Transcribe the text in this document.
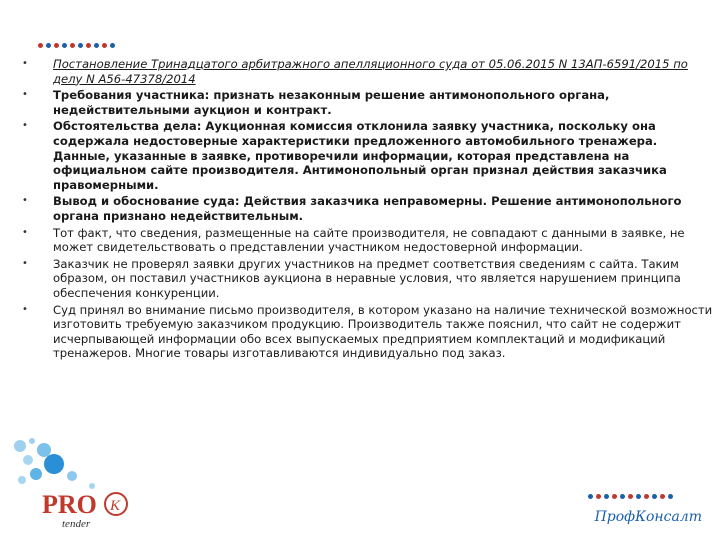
• Постановление Тринадцатого арбитражного апелляционного суда от 05.06.2015 N 13АП-6591/2015 по делу N А56-47378/2014
• Требования участника: признать незаконным решение антимонопольного органа, недействительными аукцион и контракт.
• Обстоятельства дела: Аукционная комиссия отклонила заявку участника, поскольку она содержала недостоверные характеристики предложенного автомобильного тренажера. Данные, указанные в заявке, противоречили информации, которая представлена на официальном сайте производителя. Антимонопольный орган признал действия заказчика правомерными.
• Вывод и обоснование суда: Действия заказчика неправомерны. Решение антимонопольного органа признано недействительным.
• Тот факт, что сведения, размещенные на сайте производителя, не совпадают с данными в заявке, не может свидетельствовать о представлении участником недостоверной информации.
• Заказчик не проверял заявки других участников на предмет соответствия сведениям с сайта. Таким образом, он поставил участников аукциона в неравные условия, что является нарушением принципа обеспечения конкуренции.
• Суд принял во внимание письмо производителя, в котором указано на наличие технической возможности изготовить требуемую заказчиком продукцию. Производитель также пояснил, что сайт не содержит исчерпывающей информации обо всех выпускаемых предприятием комплектаций и модификаций тренажеров. Многие товары изготавливаются индивидуально под заказ.
PRO K
tender	ПрофКонсалт
